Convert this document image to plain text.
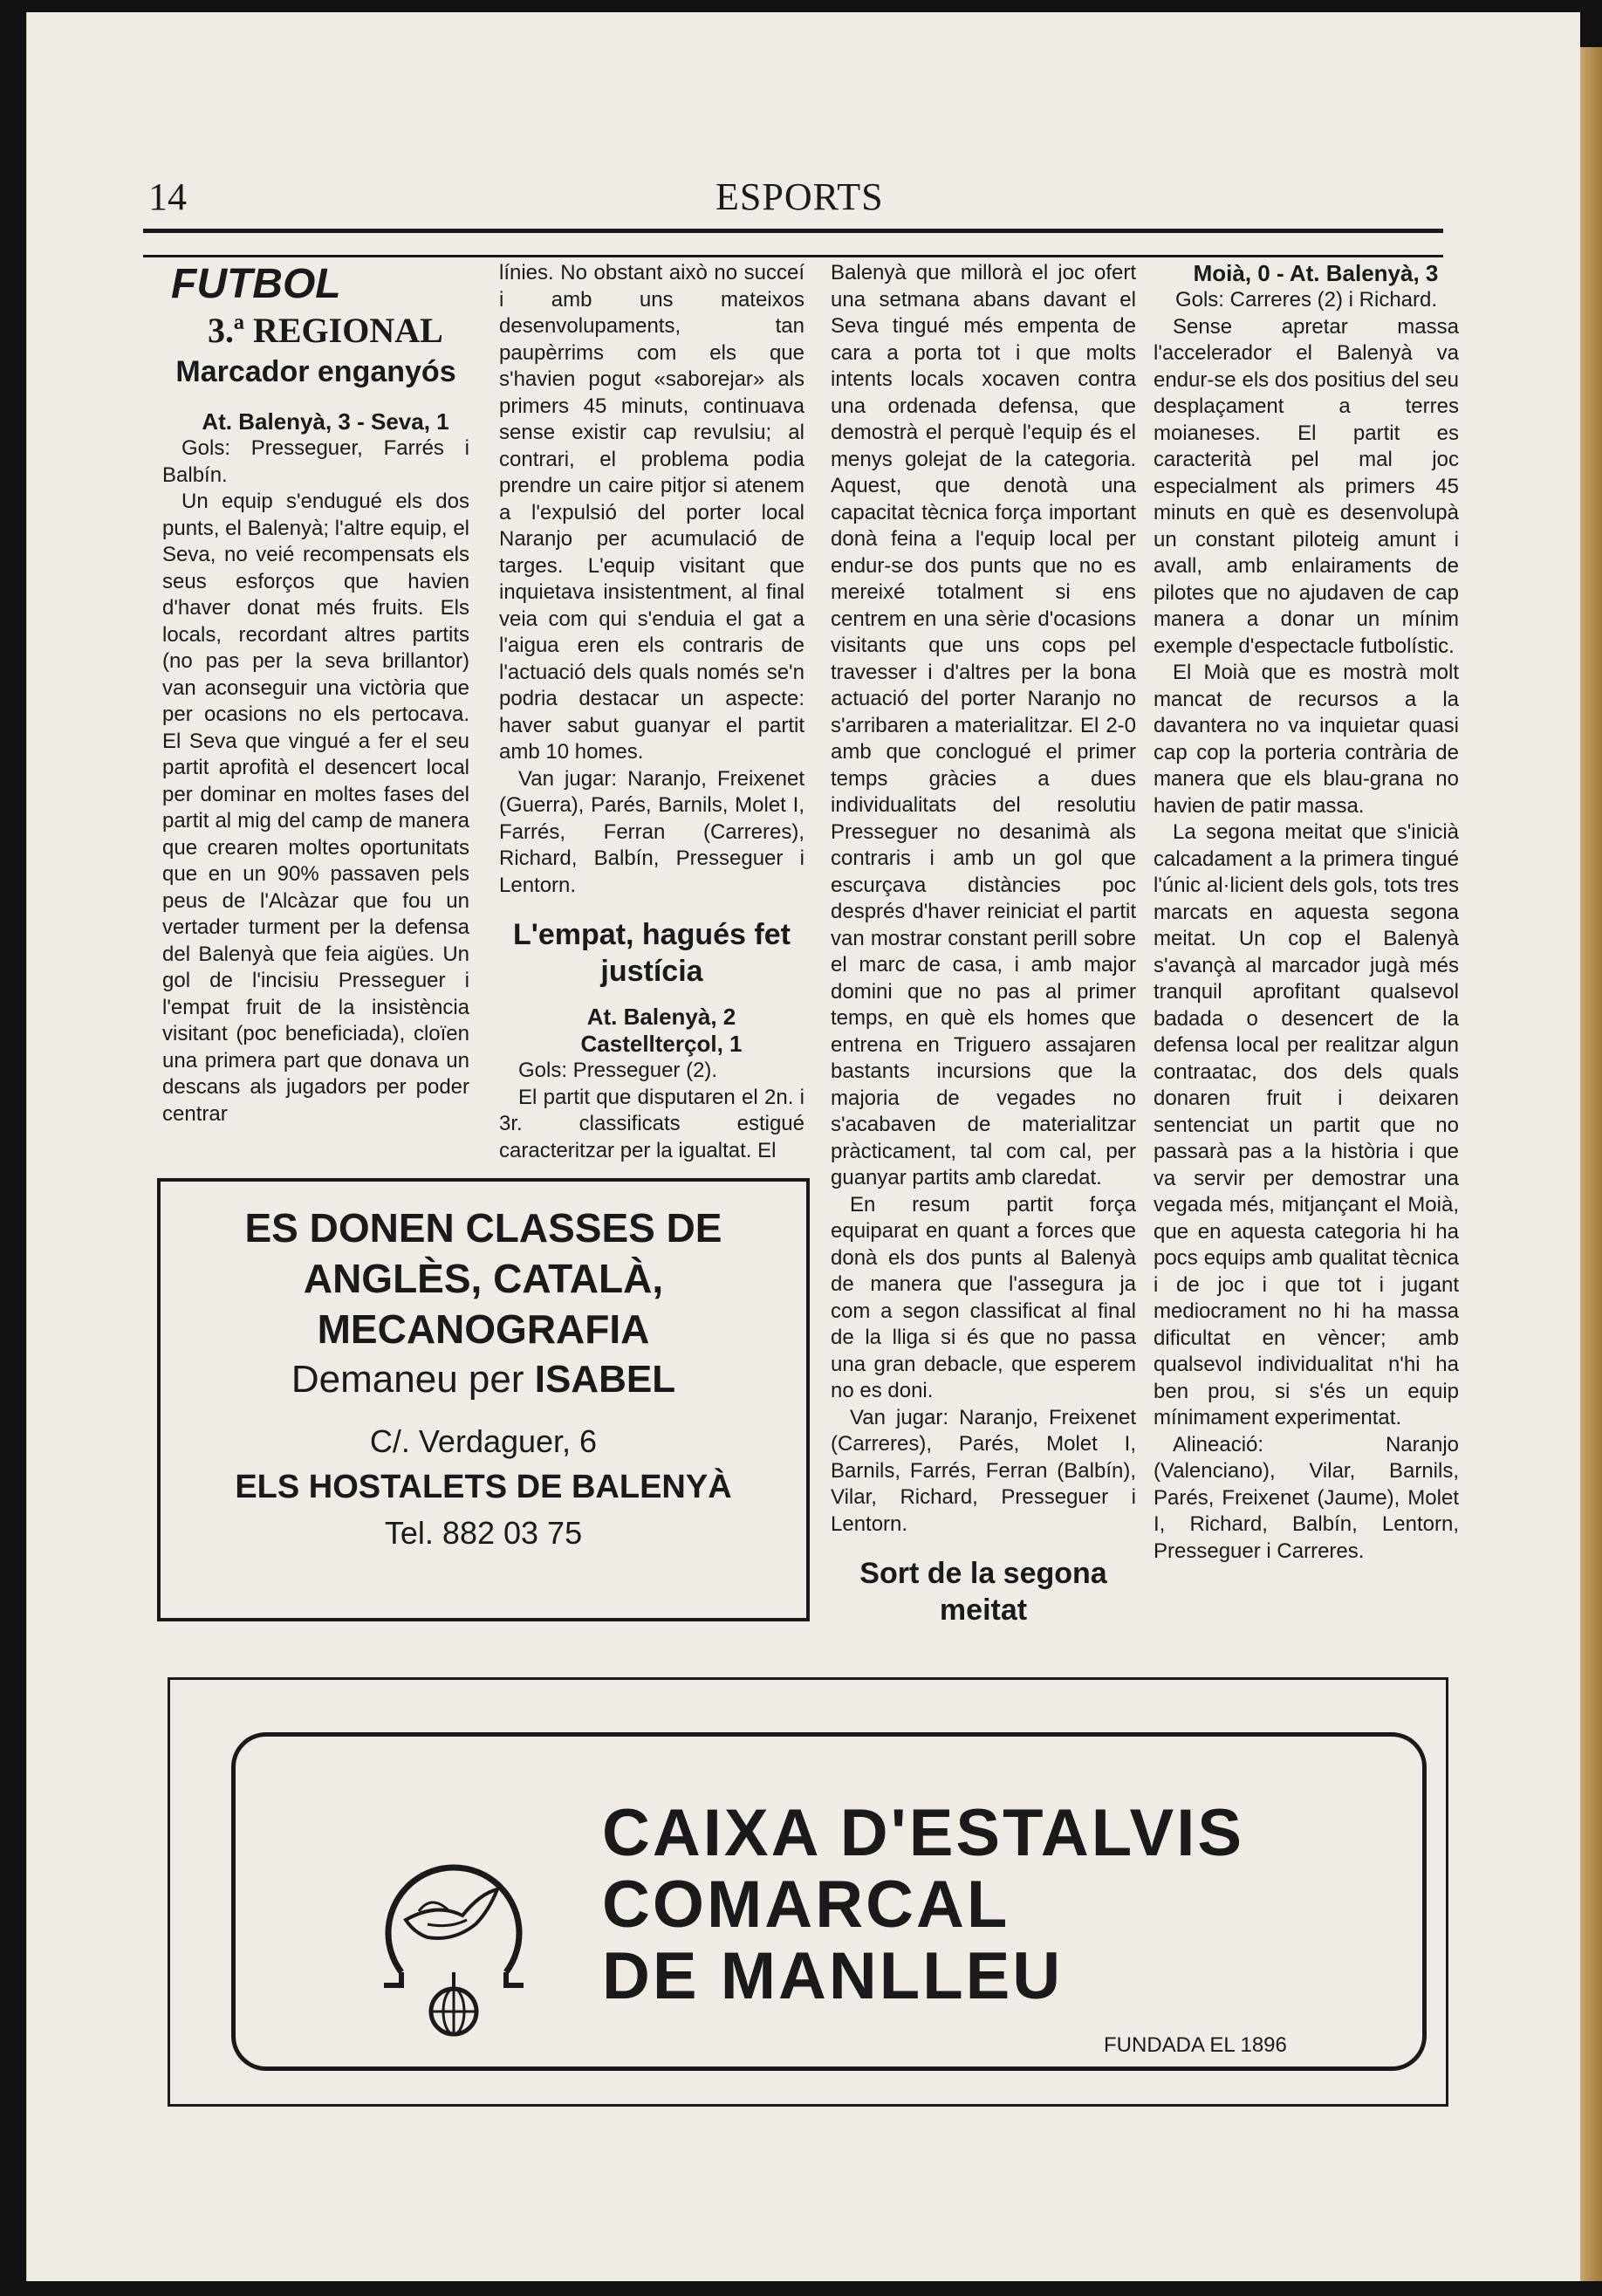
14	ESPORTS
FUTBOL
3.ª REGIONAL
Marcador enganyós

At. Balenyà, 3 - Seva, 1

Gols: Presseguer, Farrés i Balbín.

Un equip s'endugué els dos punts, el Balenyà; l'altre equip, el Seva, no veié recompensats els seus esforços que havien d'haver donat més fruits. Els locals, recordant altres partits (no pas per la seva brillantor) van aconseguir una victòria que per ocasions no els pertocava. El Seva que vingué a fer el seu partit aprofità el desencert local per dominar en moltes fases del partit al mig del camp de manera que crearen moltes oportunitats que en un 90% passaven pels peus de l'Alcàzar que fou un vertader turment per la defensa del Balenyà que feia aigües. Un gol de l'incisiu Presseguer i l'empat fruit de la insistència visitant (poc beneficiada), cloïen una primera part que donava un descans als jugadors per poder centrar

línies. No obstant això no succeí i amb uns mateixos desenvolupaments, tan paupèrrims com els que s'havien pogut «saborejar» als primers 45 minuts, continuava sense existir cap revulsiu; al contrari, el problema podia prendre un caire pitjor si atenem a l'expulsió del porter local Naranjo per acumulació de targes. L'equip visitant que inquietava insistentment, al final veia com qui s'enduia el gat a l'aigua eren els contraris de l'actuació dels quals només se'n podria destacar un aspecte: haver sabut guanyar el partit amb 10 homes.

Van jugar: Naranjo, Freixenet (Guerra), Parés, Barnils, Molet I, Farrés, Ferran (Carreres), Richard, Balbín, Presseguer i Lentorn.

L'empat, hagués fet justícia

At. Balenyà, 2

Castellterçol, 1

Gols: Presseguer (2).

El partit que disputaren el 2n. i 3r. classificats estigué caracteritzar per la igualtat. El

Balenyà que millorà el joc ofert una setmana abans davant el Seva tingué més empenta de cara a porta tot i que molts intents locals xocaven contra una ordenada defensa, que demostrà el perquè l'equip és el menys golejat de la categoria. Aquest, que denotà una capacitat tècnica força important donà feina a l'equip local per endur-se dos punts que no es mereixé totalment si ens centrem en una sèrie d'ocasions visitants que uns cops pel travesser i d'altres per la bona actuació del porter Naranjo no s'arribaren a materialitzar. El 2-0 amb que conclogué el primer temps gràcies a dues individualitats del resolutiu Presseguer no desanimà als contraris i amb un gol que escurçava distàncies poc després d'haver reiniciat el partit van mostrar constant perill sobre el marc de casa, i amb major domini que no pas al primer temps, en què els homes que entrena en Triguero assajaren bastants incursions que la majoria de vegades no s'acabaven de materialitzar pràcticament, tal com cal, per guanyar partits amb claredat.

En resum partit força equiparat en quant a forces que donà els dos punts al Balenyà de manera que l'assegura ja com a segon classificat al final de la lliga si és que no passa una gran debacle, que esperem no es doni.

Van jugar: Naranjo, Freixenet (Carreres), Parés, Molet I, Barnils, Farrés, Ferran (Balbín), Vilar, Richard, Presseguer i Lentorn.

Sort de la segona meitat

Moià, 0 - At. Balenyà, 3

Gols: Carreres (2) i Richard.

Sense apretar massa l'accelerador el Balenyà va endur-se els dos positius del seu desplaçament a terres moianeses. El partit es caracterità pel mal joc especialment als primers 45 minuts en què es desenvolupà un constant piloteig amunt i avall, amb enlairaments de pilotes que no ajudaven de cap manera a donar un mínim exemple d'espectacle futbolístic.

El Moià que es mostrà molt mancat de recursos a la davantera no va inquietar quasi cap cop la porteria contrària de manera que els blau-grana no havien de patir massa.

La segona meitat que s'inicià calcadament a la primera tingué l'únic al·licient dels gols, tots tres marcats en aquesta segona meitat. Un cop el Balenyà s'avançà al marcador jugà més tranquil aprofitant qualsevol badada o desencert de la defensa local per realitzar algun contraatac, dos dels quals donaren fruit i deixaren sentenciat un partit que no passarà pas a la història i que va servir per demostrar una vegada més, mitjançant el Moià, que en aquesta categoria hi ha pocs equips amb qualitat tècnica i de joc i que tot i jugant mediocrament no hi ha massa dificultat en vèncer; amb qualsevol individualitat n'hi ha ben prou, si s'és un equip mínimament experimentat.

Alineació: Naranjo (Valenciano), Vilar, Barnils, Parés, Freixenet (Jaume), Molet I, Richard, Balbín, Lentorn, Presseguer i Carreres.

ES DONEN CLASSES DE
ANGLÈS, CATALÀ,
MECANOGRAFIA
Demaneu per ISABEL
C/. Verdaguer, 6
ELS HOSTALETS DE BALENYÀ
Tel. 882 03 75
CAIXA D'ESTALVIS
COMARCAL
DE MANLLEU
FUNDADA EL 1896
